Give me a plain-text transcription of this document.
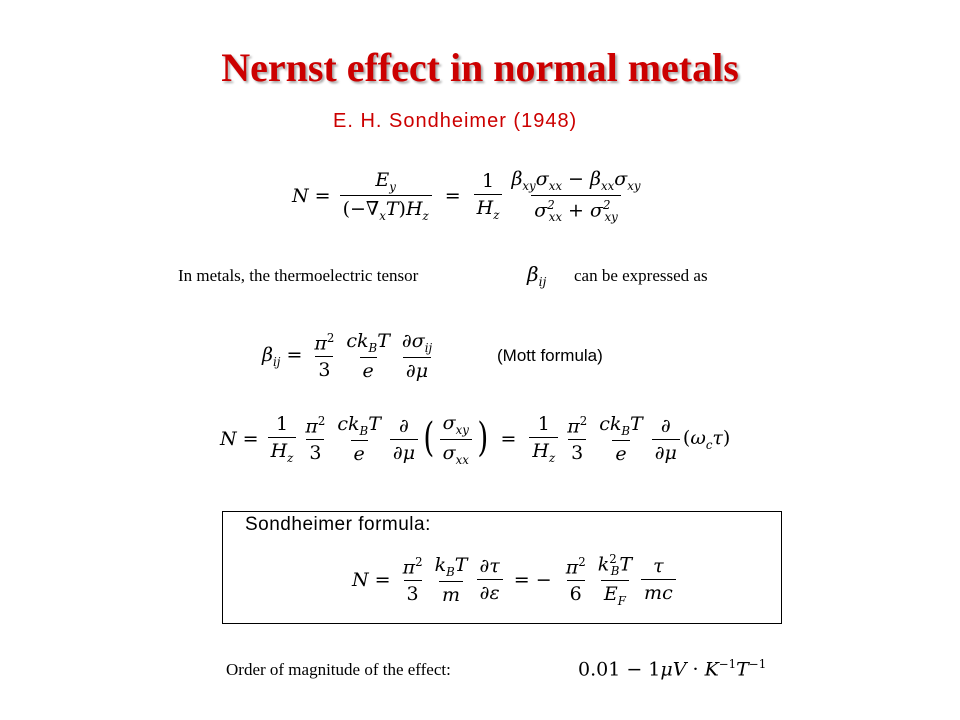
Nernst effect in normal metals
E. H. Sondheimer (1948)
$N = \frac{E_y}{(-\nabla_xT)H_z} = \frac{1}{H_z} \frac{\beta_{xy}\sigma_{xx} - \beta_{xx}\sigma_{xy}}{\sigma^2_{xx} + \sigma^2_{xy}}$
In metals, the thermoelectric tensor	$\beta_{ij}$ can be expressed as
$\beta_{ij} = \frac{\pi^2}{3} \frac{ck_BT}{e} \frac{\partial\sigma_{ij}}{\partial\mu}$	(Mott formula)
$N = \frac{1}{H_z} \frac{\pi^2}{3} \frac{ck_BT}{e} \frac{\partial}{\partial\mu}$ ( $\frac{\sigma_{xy}}{\sigma_{xx}}$ ) = $\frac{1}{H_z} \frac{\pi^2}{3} \frac{ck_BT}{e} \frac{\partial}{\partial\mu} (\omega_c\tau)$
Sondheimer formula:
$N = \frac{\pi^2}{3} \frac{k_BT}{m} \frac{\partial\tau}{\partial\varepsilon}$ = − $\frac{\pi^2}{6} \frac{k^2_BT}{E_F} \frac{\tau}{mc}$
Order of magnitude of the effect:	$0.01 - 1\mu V \cdot K^{-1}T^{-1}$
